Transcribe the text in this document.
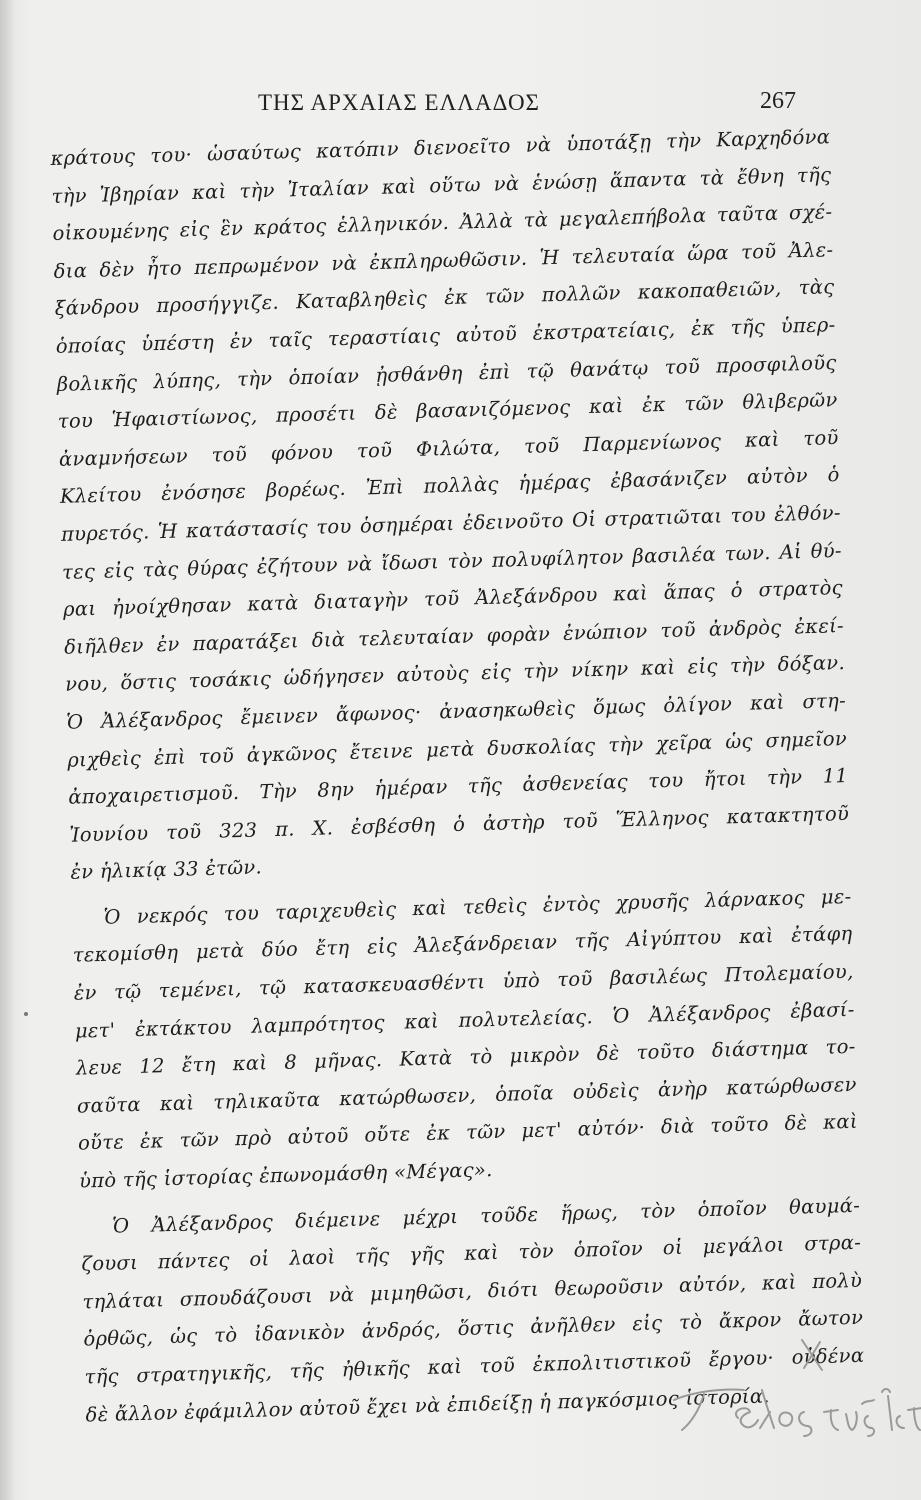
ΤΗΣ ΑΡΧΑΙΑΣ ΕΛΛΑΔΟΣ	267
κράτους του· ὡσαύτως κατόπιν διενοεῖτο νὰ ὑποτάξῃ τὴν Καρχηδόνα
τὴν Ἰβηρίαν καὶ τὴν Ἰταλίαν καὶ οὕτω νὰ ἑνώσῃ ἅπαντα τὰ ἔθνη τῆς
οἰκουμένης εἰς ἓν κράτος ἑλληνικόν. Ἀλλὰ τὰ μεγαλεπήβολα ταῦτα σχέ-
δια δὲν ἦτο πεπρωμένον νὰ ἐκπληρωθῶσιν. Ἡ τελευταία ὥρα τοῦ Ἀλε-
ξάνδρου προσήγγιζε. Καταβληθεὶς ἐκ τῶν πολλῶν κακοπαθειῶν, τὰς
ὁποίας ὑπέστη ἐν ταῖς τεραστίαις αὐτοῦ ἐκστρατείαις, ἐκ τῆς ὑπερ-
βολικῆς λύπης, τὴν ὁποίαν ᾐσθάνθη ἐπὶ τῷ θανάτῳ τοῦ προσφιλοῦς
του Ἡφαιστίωνος, προσέτι δὲ βασανιζόμενος καὶ ἐκ τῶν θλιβερῶν
ἀναμνήσεων τοῦ φόνου τοῦ Φιλώτα, τοῦ Παρμενίωνος καὶ τοῦ
Κλείτου ἐνόσησε βορέως. Ἐπὶ πολλὰς ἡμέρας ἐβασάνιζεν αὐτὸν ὁ
πυρετός. Ἡ κατάστασίς του ὁσημέραι ἐδεινοῦτο Οἱ στρατιῶται του ἐλθόν-
τες εἰς τὰς θύρας ἐζήτουν νὰ ἴδωσι τὸν πολυφίλητον βασιλέα των. Αἱ θύ-
ραι ἠνοίχθησαν κατὰ διαταγὴν τοῦ Ἀλεξάνδρου καὶ ἅπας ὁ στρατὸς
διῆλθεν ἐν παρατάξει διὰ τελευταίαν φορὰν ἐνώπιον τοῦ ἀνδρὸς ἐκεί-
νου, ὅστις τοσάκις ὡδήγησεν αὐτοὺς εἰς τὴν νίκην καὶ εἰς τὴν δόξαν.
Ὁ Ἀλέξανδρος ἔμεινεν ἄφωνος· ἀνασηκωθεὶς ὅμως ὀλίγον καὶ στη-
ριχθεὶς ἐπὶ τοῦ ἀγκῶνος ἔτεινε μετὰ δυσκολίας τὴν χεῖρα ὡς σημεῖον
ἀποχαιρετισμοῦ. Τὴν 8ην ἡμέραν τῆς ἀσθενείας του ἤτοι τὴν 11
Ἰουνίου τοῦ 323 π. Χ. ἐσβέσθη ὁ ἀστὴρ τοῦ Ἕλληνος κατακτητοῦ
ἐν ἡλικίᾳ 33 ἐτῶν.
Ὁ νεκρός του ταριχευθεὶς καὶ τεθεὶς ἐντὸς χρυσῆς λάρνακος με-
τεκομίσθη μετὰ δύο ἔτη εἰς Ἀλεξάνδρειαν τῆς Αἰγύπτου καὶ ἐτάφη
ἐν τῷ τεμένει, τῷ κατασκευασθέντι ὑπὸ τοῦ βασιλέως Πτολεμαίου,
μετ' ἐκτάκτου λαμπρότητος καὶ πολυτελείας. Ὁ Ἀλέξανδρος ἐβασί-
λευε 12 ἔτη καὶ 8 μῆνας. Κατὰ τὸ μικρὸν δὲ τοῦτο διάστημα το-
σαῦτα καὶ τηλικαῦτα κατώρθωσεν, ὁποῖα οὐδεὶς ἀνὴρ κατώρθωσεν
οὔτε ἐκ τῶν πρὸ αὐτοῦ οὔτε ἐκ τῶν μετ' αὐτόν· διὰ τοῦτο δὲ καὶ
ὑπὸ τῆς ἱστορίας ἐπωνομάσθη «Μέγας».
Ὁ Ἀλέξανδρος διέμεινε μέχρι τοῦδε ἥρως, τὸν ὁποῖον θαυμά-
ζουσι πάντες οἱ λαοὶ τῆς γῆς καὶ τὸν ὁποῖον οἱ μεγάλοι στρα-
τηλάται σπουδάζουσι νὰ μιμηθῶσι, διότι θεωροῦσιν αὐτόν, καὶ πολὺ
ὀρθῶς, ὡς τὸ ἰδανικὸν ἀνδρός, ὅστις ἀνῆλθεν εἰς τὸ ἄκρον ἄωτον
τῆς στρατηγικῆς, τῆς ἠθικῆς καὶ τοῦ ἐκπολιτιστικοῦ ἔργου· οὐδένα
δὲ ἄλλον ἐφάμιλλον αὐτοῦ ἔχει νὰ ἐπιδείξῃ ἡ παγκόσμιος ἱστορία.
